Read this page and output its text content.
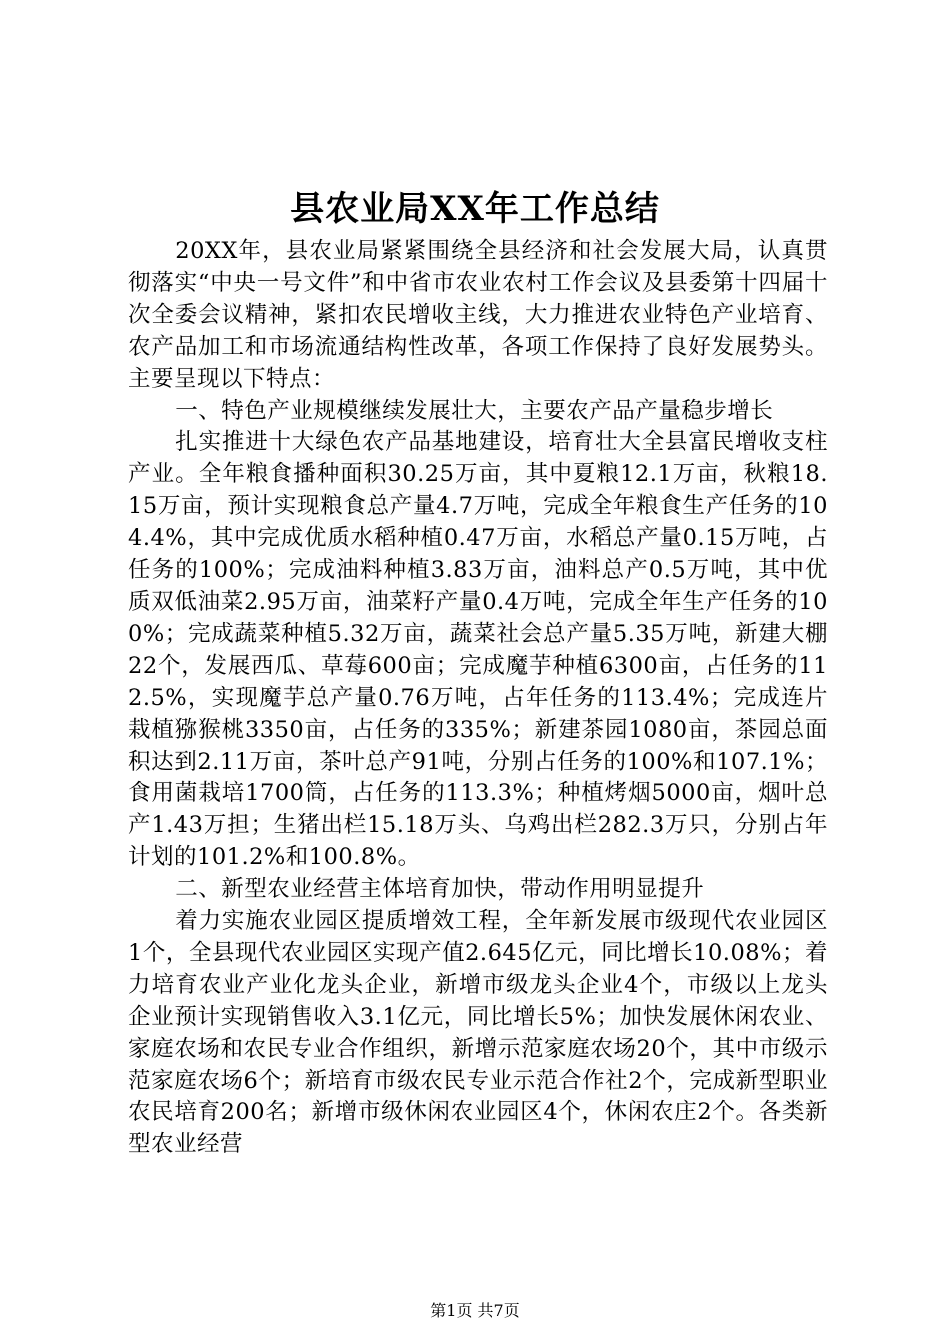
县农业局XX年工作总结

20XX年，县农业局紧紧围绕全县经济和社会发展大局，认真贯彻落实“中央一号文件”和中省市农业农村工作会议及县委第十四届十次全委会议精神，紧扣农民增收主线，大力推进农业特色产业培育、农产品加工和市场流通结构性改革，各项工作保持了良好发展势头。主要呈现以下特点：

一、特色产业规模继续发展壮大，主要农产品产量稳步增长

扎实推进十大绿色农产品基地建设，培育壮大全县富民增收支柱产业。全年粮食播种面积30.25万亩，其中夏粮12.1万亩，秋粮18.15万亩，预计实现粮食总产量4.7万吨，完成全年粮食生产任务的104.4%，其中完成优质水稻种植0.47万亩，水稻总产量0.15万吨，占任务的100%；完成油料种植3.83万亩，油料总产0.5万吨，其中优质双低油菜2.95万亩，油菜籽产量0.4万吨，完成全年生产任务的100%；完成蔬菜种植5.32万亩，蔬菜社会总产量5.35万吨，新建大棚22个，发展西瓜、草莓600亩；完成魔芋种植6300亩，占任务的112.5%，实现魔芋总产量0.76万吨，占年任务的113.4%；完成连片栽植猕猴桃3350亩，占任务的335%；新建茶园1080亩，茶园总面积达到2.11万亩，茶叶总产91吨，分别占任务的100%和107.1%；食用菌栽培1700筒，占任务的113.3%；种植烤烟5000亩，烟叶总产1.43万担；生猪出栏15.18万头、乌鸡出栏282.3万只，分别占年计划的101.2%和100.8%。

二、新型农业经营主体培育加快，带动作用明显提升

着力实施农业园区提质增效工程，全年新发展市级现代农业园区1个，全县现代农业园区实现产值2.645亿元，同比增长10.08%；着力培育农业产业化龙头企业，新增市级龙头企业4个，市级以上龙头企业预计实现销售收入3.1亿元，同比增长5%；加快发展休闲农业、家庭农场和农民专业合作组织，新增示范家庭农场20个，其中市级示范家庭农场6个；新培育市级农民专业示范合作社2个，完成新型职业农民培育200名；新增市级休闲农业园区4个，休闲农庄2个。各类新型农业经营

第1页 共7页
